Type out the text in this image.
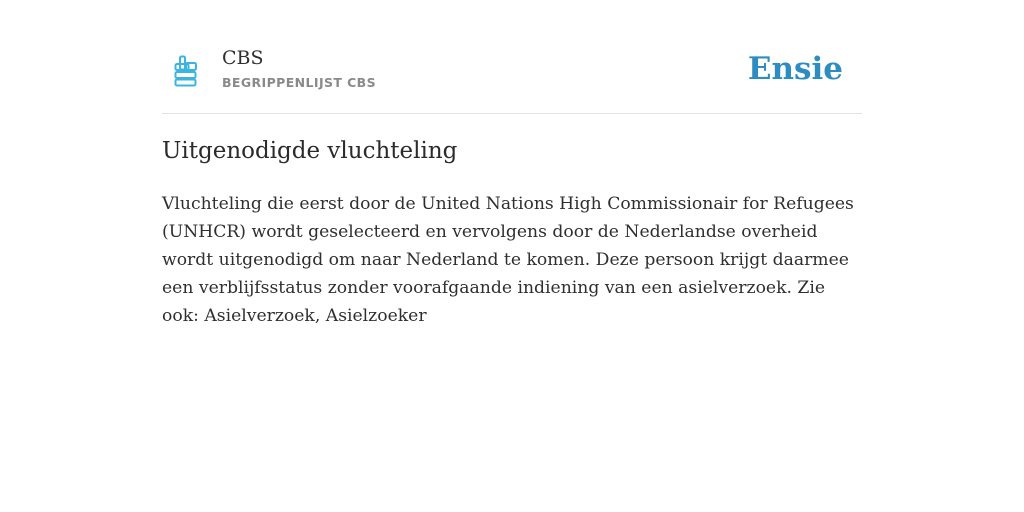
CBS
BEGRIPPENLIJST CBS	Ensie
Uitgenodigde vluchteling

Vluchteling die eerst door de United Nations High Commissionair for Refugees (UNHCR) wordt geselecteerd en vervolgens door de Nederlandse overheid wordt uitgenodigd om naar Nederland te komen. Deze persoon krijgt daarmee een verblijfsstatus zonder voorafgaande indiening van een asielverzoek. Zie ook: Asielverzoek, Asielzoeker
